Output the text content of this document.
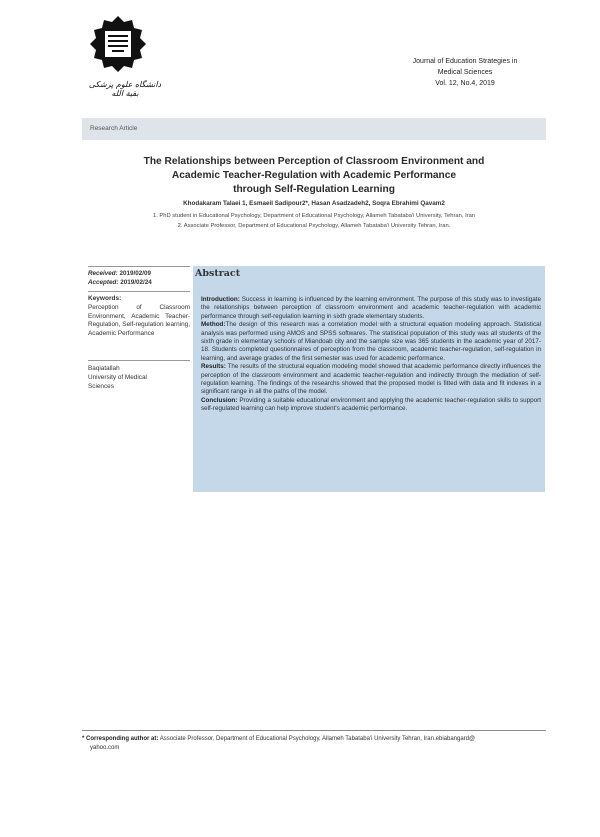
دانشگاه علوم پزشکی بقیة الله
Journal of Education Strategies in
Medical Sciences
Vol. 12, No.4, 2019
Research Article
The Relationships between Perception of Classroom Environment and
Academic Teacher-Regulation with Academic Performance
through Self-Regulation Learning
Khodakaram Talaei 1, Esmaeil Sadipour2*, Hasan Asadzadeh2, Soqra Ebrahimi Qavam2
1. PhD student in Educational Psychology, Department of Educational Psychology, Allameh Tabataba'i University, Tehran, Iran
2. Associate Professor, Department of Educational Psychology, Allameh Tabataba'i University Tehran, Iran.
Received: 2019/02/09
Accepted: 2019/02/24
Keywords:
Perception of Classroom Environment, Academic Teacher-Regulation, Self-regulation learning, Academic Performance
Baqiatallah
University of Medical
Sciences
Abstract

Introduction: Success in learning is influenced by the learning environment. The purpose of this study was to investigate the relationships between perception of classroom environment and academic teacher-regulation with academic performance through self-regulation learning in sixth grade elementary students.

Method:The design of this research was a correlation model with a structural equation modeling approach. Statistical analysis was performed using AMOS and SPSS softwares. The statistical population of this study was all students of the sixth grade in elementary schools of Miandoab city and the sample size was 365 students in the academic year of 2017-18. Students completed questionnaires of perception from the classroom, academic teacher-regulation, self-regulation in learning, and average grades of the first semester was used for academic performance.

Results: The results of the structural equation modeling model showed that academic performance directly influences the perception of the classroom environment and academic teacher-regulation and indirectly through the mediation of self-regulation learning. The findings of the researchs showed that the proposed model is fitted with data and fit indexes in a significant range in all the paths of the model.

Conclusion: Providing a suitable educational environment and applying the academic teacher-regulation skills to support self-regulated learning can help improve student's academic performance.

* Corresponding author at: Associate Professor, Department of Educational Psychology, Allameh Tabataba'i University Tehran, Iran.ebiabangard@
yahoo.com
